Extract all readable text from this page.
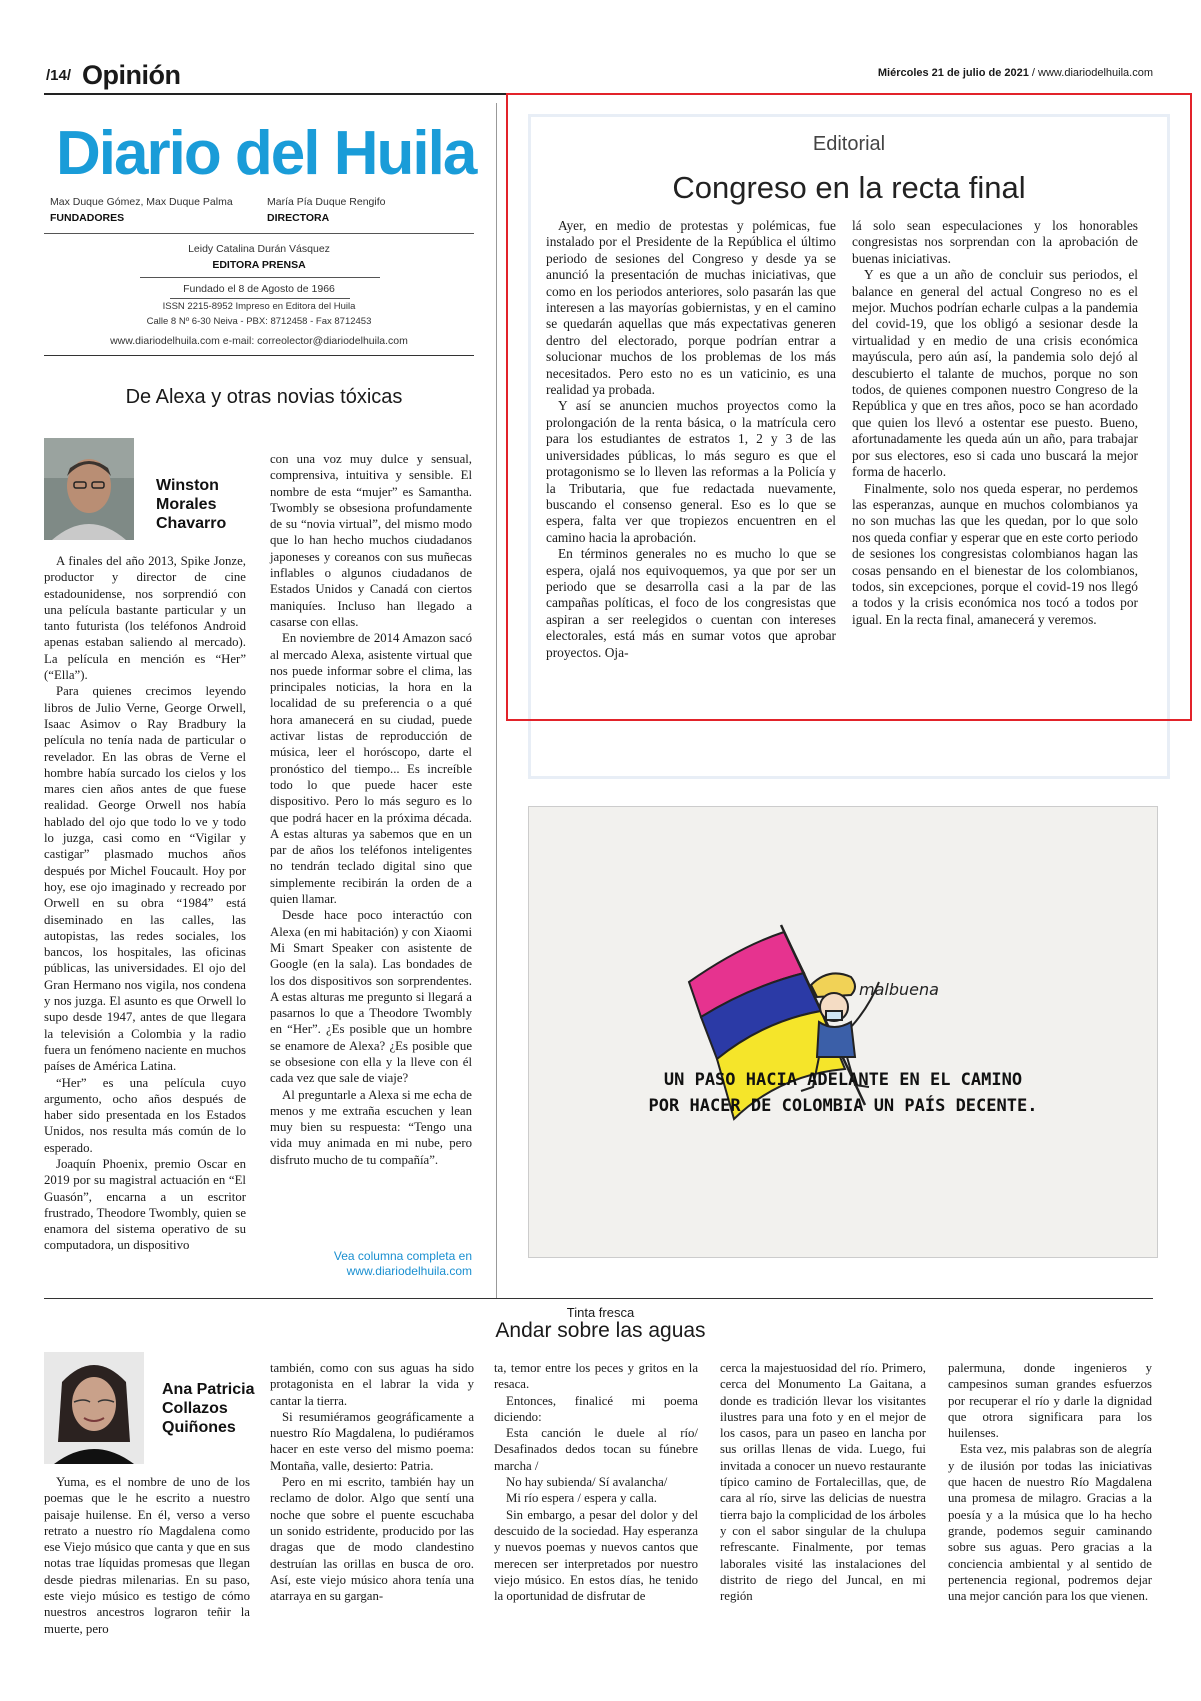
/14/ Opinión	Miércoles 21 de julio de 2021 / www.diariodelhuila.com
Diario del Huila
Max Duque Gómez, Max Duque Palma
FUNDADORES
María Pía Duque Rengifo
DIRECTORA
Leidy Catalina Durán Vásquez
EDITORA PRENSA
Fundado el 8 de Agosto de 1966
ISSN 2215-8952 Impreso en Editora del Huila
Calle 8 Nº 6-30 Neiva - PBX: 8712458 - Fax 8712453
www.diariodelhuila.com e-mail: correolector@diariodelhuila.com
De Alexa y otras novias tóxicas
Winston Morales Chavarro

A finales del año 2013, Spike Jonze, productor y director de cine estadounidense, nos sorprendió con una película bastante particular y un tanto futurista (los teléfonos Android apenas estaban saliendo al mercado). La película en mención es “Her” (“Ella”).

Para quienes crecimos leyendo libros de Julio Verne, George Orwell, Isaac Asimov o Ray Bradbury la película no tenía nada de particular o revelador. En las obras de Verne el hombre había surcado los cielos y los mares cien años antes de que fuese realidad. George Orwell nos había hablado del ojo que todo lo ve y todo lo juzga, casi como en “Vigilar y castigar” plasmado muchos años después por Michel Foucault. Hoy por hoy, ese ojo imaginado y recreado por Orwell en su obra “1984” está diseminado en las calles, las autopistas, las redes sociales, los bancos, los hospitales, las oficinas públicas, las universidades. El ojo del Gran Hermano nos vigila, nos condena y nos juzga. El asunto es que Orwell lo supo desde 1947, antes de que llegara la televisión a Colombia y la radio fuera un fenómeno naciente en muchos países de América Latina.

“Her” es una película cuyo argumento, ocho años después de haber sido presentada en los Estados Unidos, nos resulta más común de lo esperado.

Joaquín Phoenix, premio Oscar en 2019 por su magistral actuación en “El Guasón”, encarna a un escritor frustrado, Theodore Twombly, quien se enamora del sistema operativo de su computadora, un dispositivo

con una voz muy dulce y sensual, comprensiva, intuitiva y sensible. El nombre de esta “mujer” es Samantha. Twombly se obsesiona profundamente de su “novia virtual”, del mismo modo que lo han hecho muchos ciudadanos japoneses y coreanos con sus muñecas inflables o algunos ciudadanos de Estados Unidos y Canadá con ciertos maniquíes. Incluso han llegado a casarse con ellas.

En noviembre de 2014 Amazon sacó al mercado Alexa, asistente virtual que nos puede informar sobre el clima, las principales noticias, la hora en la localidad de su preferencia o a qué hora amanecerá en su ciudad, puede activar listas de reproducción de música, leer el horóscopo, darte el pronóstico del tiempo... Es increíble todo lo que puede hacer este dispositivo. Pero lo más seguro es lo que podrá hacer en la próxima década. A estas alturas ya sabemos que en un par de años los teléfonos inteligentes no tendrán teclado digital sino que simplemente recibirán la orden de a quien llamar.

Desde hace poco interactúo con Alexa (en mi habitación) y con Xiaomi Mi Smart Speaker con asistente de Google (en la sala). Las bondades de los dos dispositivos son sorprendentes. A estas alturas me pregunto si llegará a pasarnos lo que a Theodore Twombly en “Her”. ¿Es posible que un hombre se enamore de Alexa? ¿Es posible que se obsesione con ella y la lleve con él cada vez que sale de viaje?

Al preguntarle a Alexa si me echa de menos y me extraña escuchen y lean muy bien su respuesta: “Tengo una vida muy animada en mi nube, pero disfruto mucho de tu compañía”.

Vea columna completa en www.diariodelhuila.com
Editorial
Congreso en la recta final

Ayer, en medio de protestas y polémicas, fue instalado por el Presidente de la República el último periodo de sesiones del Congreso y desde ya se anunció la presentación de muchas iniciativas, que como en los periodos anteriores, solo pasarán las que interesen a las mayorías gobiernistas, y en el camino se quedarán aquellas que más expectativas generen dentro del electorado, porque podrían entrar a solucionar muchos de los problemas de los más necesitados. Pero esto no es un vaticinio, es una realidad ya probada.

Y así se anuncien muchos proyectos como la prolongación de la renta básica, o la matrícula cero para los estudiantes de estratos 1, 2 y 3 de las universidades públicas, lo más seguro es que el protagonismo se lo lleven las reformas a la Policía y la Tributaria, que fue redactada nuevamente, buscando el consenso general. Eso es lo que se espera, falta ver que tropiezos encuentren en el camino hacia la aprobación.

En términos generales no es mucho lo que se espera, ojalá nos equivoquemos, ya que por ser un periodo que se desarrolla casi a la par de las campañas políticas, el foco de los congresistas que aspiran a ser reelegidos o cuentan con intereses electorales, está más en sumar votos que aprobar proyectos. Oja-

lá solo sean especulaciones y los honorables congresistas nos sorprendan con la aprobación de buenas iniciativas.

Y es que a un año de concluir sus periodos, el balance en general del actual Congreso no es el mejor. Muchos podrían echarle culpas a la pandemia del covid-19, que los obligó a sesionar desde la virtualidad y en medio de una crisis económica mayúscula, pero aún así, la pandemia solo dejó al descubierto el talante de muchos, porque no son todos, de quienes componen nuestro Congreso de la República y que en tres años, poco se han acordado que quien los llevó a ostentar ese puesto. Bueno, afortunadamente les queda aún un año, para trabajar por sus electores, eso si cada uno buscará la mejor forma de hacerlo.

Finalmente, solo nos queda esperar, no perdemos las esperanzas, aunque en muchos colombianos ya no son muchas las que les quedan, por lo que solo nos queda confiar y esperar que en este corto periodo de sesiones los congresistas colombianos hagan las cosas pensando en el bienestar de los colombianos, todos, sin excepciones, porque el covid-19 nos llegó a todos y la crisis económica nos tocó a todos por igual. En la recta final, amanecerá y veremos.

malbuena
UN PASO HACIA ADELANTE EN EL CAMINO
POR HACER DE COLOMBIA UN PAÍS DECENTE.
Tinta fresca
Andar sobre las aguas
Ana Patricia Collazos Quiñones

Yuma, es el nombre de uno de los poemas que le he escrito a nuestro paisaje huilense. En él, verso a verso retrato a nuestro río Magdalena como ese Viejo músico que canta y que en sus notas trae líquidas promesas que llegan desde piedras milenarias. En su paso, este viejo músico es testigo de cómo nuestros ancestros lograron teñir la muerte, pero

también, como con sus aguas ha sido protagonista en el labrar la vida y cantar la tierra.

Si resumiéramos geográficamente a nuestro Río Magdalena, lo pudiéramos hacer en este verso del mismo poema: Montaña, valle, desierto: Patria.

Pero en mi escrito, también hay un reclamo de dolor. Algo que sentí una noche que sobre el puente escuchaba un sonido estridente, producido por las dragas que de modo clandestino destruían las orillas en busca de oro. Así, este viejo músico ahora tenía una atarraya en su gargan-

ta, temor entre los peces y gritos en la resaca.

Entonces, finalicé mi poema diciendo:

Esta canción le duele al río/ Desafinados dedos tocan su fúnebre marcha /

No hay subienda/ Sí avalancha/

Mi río espera / espera y calla.

Sin embargo, a pesar del dolor y del descuido de la sociedad. Hay esperanza y nuevos poemas y nuevos cantos que merecen ser interpretados por nuestro viejo músico. En estos días, he tenido la oportunidad de disfrutar de

cerca la majestuosidad del río. Primero, cerca del Monumento La Gaitana, a donde es tradición llevar los visitantes ilustres para una foto y en el mejor de los casos, para un paseo en lancha por sus orillas llenas de vida. Luego, fui invitada a conocer un nuevo restaurante típico camino de Fortalecillas, que, de cara al río, sirve las delicias de nuestra tierra bajo la complicidad de los árboles y con el sabor singular de la chulupa refrescante. Finalmente, por temas laborales visité las instalaciones del distrito de riego del Juncal, en mi región

palermuna, donde ingenieros y campesinos suman grandes esfuerzos por recuperar el río y darle la dignidad que otrora significara para los huilenses.

Esta vez, mis palabras son de alegría y de ilusión por todas las iniciativas que hacen de nuestro Río Magdalena una promesa de milagro. Gracias a la poesía y a la música que lo ha hecho grande, podemos seguir caminando sobre sus aguas. Pero gracias a la conciencia ambiental y al sentido de pertenencia regional, podremos dejar una mejor canción para los que vienen.
